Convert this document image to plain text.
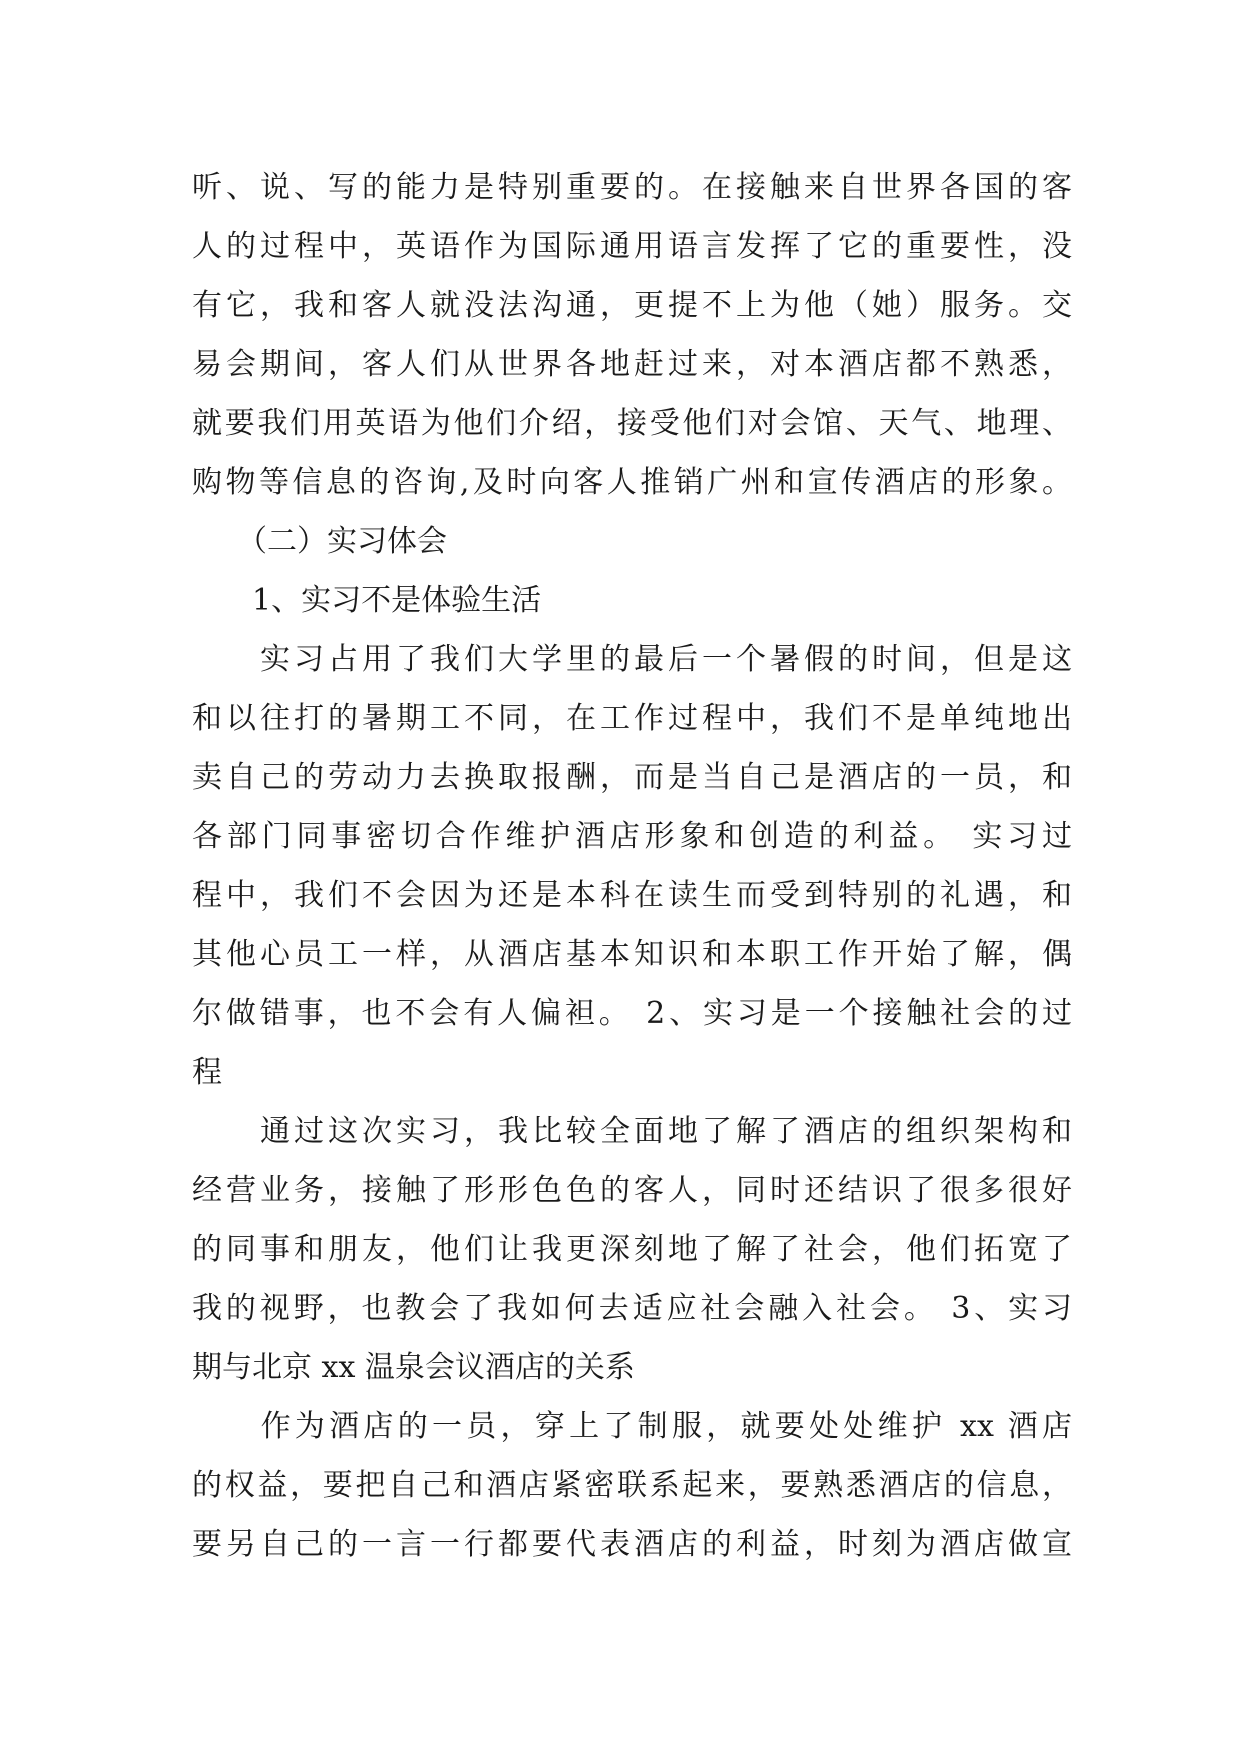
听、说、写的能力是特别重要的。在接触来自世界各国的客
人的过程中，英语作为国际通用语言发挥了它的重要性，没
有它，我和客人就没法沟通，更提不上为他（她）服务。交
易会期间，客人们从世界各地赶过来，对本酒店都不熟悉，
就要我们用英语为他们介绍，接受他们对会馆、天气、地理、
购物等信息的咨询,及时向客人推销广州和宣传酒店的形象。
　　（二）实习体会
　　1、实习不是体验生活
　　实习占用了我们大学里的最后一个暑假的时间，但是这
和以往打的暑期工不同，在工作过程中，我们不是单纯地出
卖自己的劳动力去换取报酬，而是当自己是酒店的一员，和
各部门同事密切合作维护酒店形象和创造的利益。 实习过
程中，我们不会因为还是本科在读生而受到特别的礼遇，和
其他心员工一样，从酒店基本知识和本职工作开始了解，偶
尔做错事，也不会有人偏袒。 2、实习是一个接触社会的过
程
　　通过这次实习，我比较全面地了解了酒店的组织架构和
经营业务，接触了形形色色的客人，同时还结识了很多很好
的同事和朋友，他们让我更深刻地了解了社会，他们拓宽了
我的视野，也教会了我如何去适应社会融入社会。 3、实习
期与北京 xx 温泉会议酒店的关系
　　作为酒店的一员，穿上了制服，就要处处维护 xx 酒店
的权益，要把自己和酒店紧密联系起来，要熟悉酒店的信息，
要另自己的一言一行都要代表酒店的利益，时刻为酒店做宣
